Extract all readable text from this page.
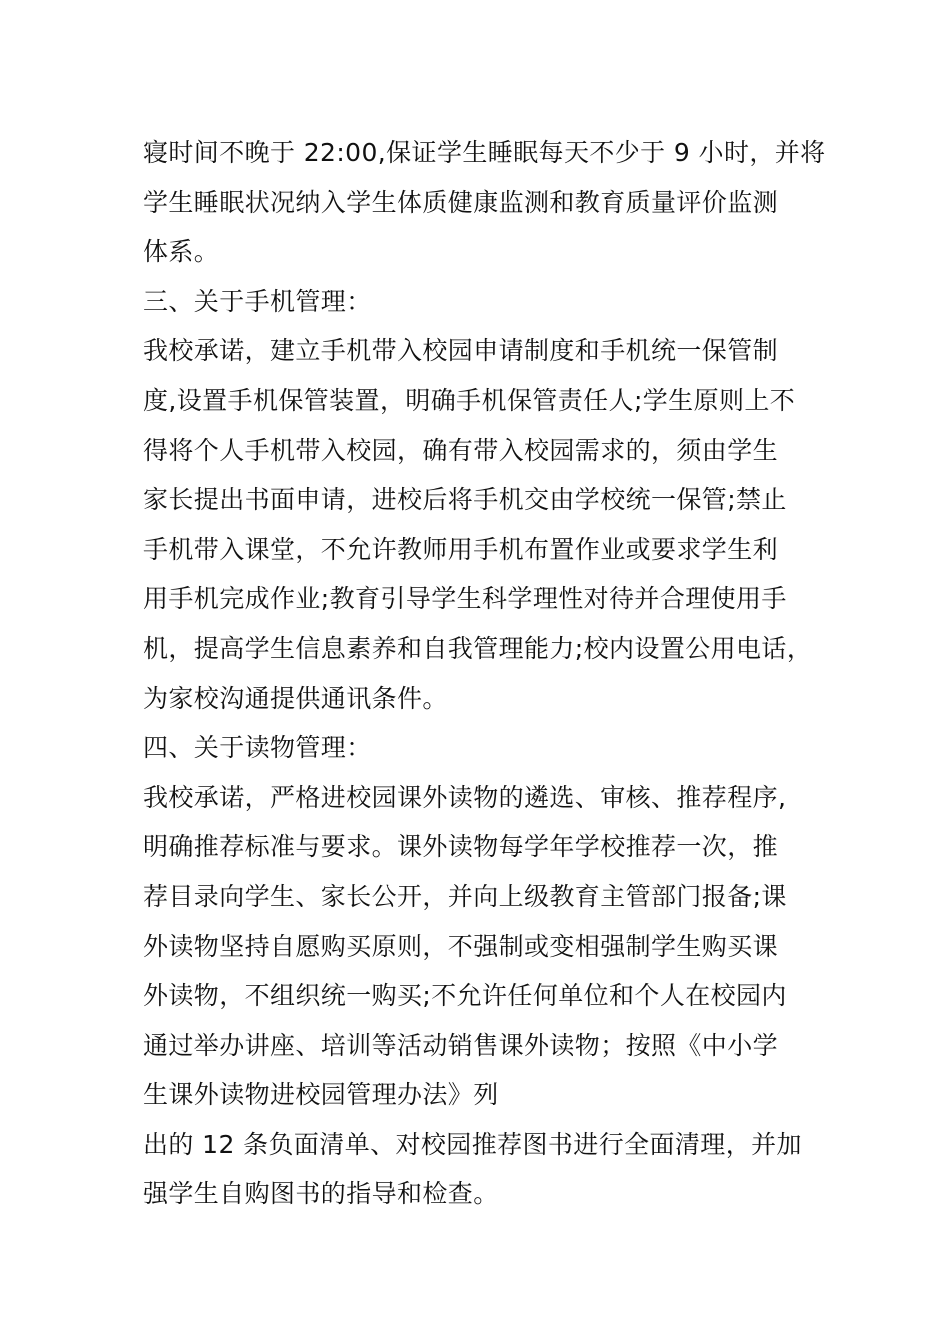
寝时间不晚于 22:00,保证学生睡眠每天不少于 9 小时，并将
学生睡眠状况纳入学生体质健康监测和教育质量评价监测
体系。
三、关于手机管理：
我校承诺，建立手机带入校园申请制度和手机统一保管制
度,设置手机保管装置，明确手机保管责任人;学生原则上不
得将个人手机带入校园，确有带入校园需求的，须由学生
家长提出书面申请，进校后将手机交由学校统一保管;禁止
手机带入课堂，不允许教师用手机布置作业或要求学生利
用手机完成作业;教育引导学生科学理性对待并合理使用手
机，提高学生信息素养和自我管理能力;校内设置公用电话，
为家校沟通提供通讯条件。
四、关于读物管理：
我校承诺，严格进校园课外读物的遴选、审核、推荐程序,
明确推荐标准与要求。课外读物每学年学校推荐一次，推
荐目录向学生、家长公开，并向上级教育主管部门报备;课
外读物坚持自愿购买原则，不强制或变相强制学生购买课
外读物，不组织统一购买;不允许任何单位和个人在校园内
通过举办讲座、培训等活动销售课外读物；按照《中小学
生课外读物进校园管理办法》列
出的 12 条负面清单、对校园推荐图书进行全面清理，并加
强学生自购图书的指导和检查。
